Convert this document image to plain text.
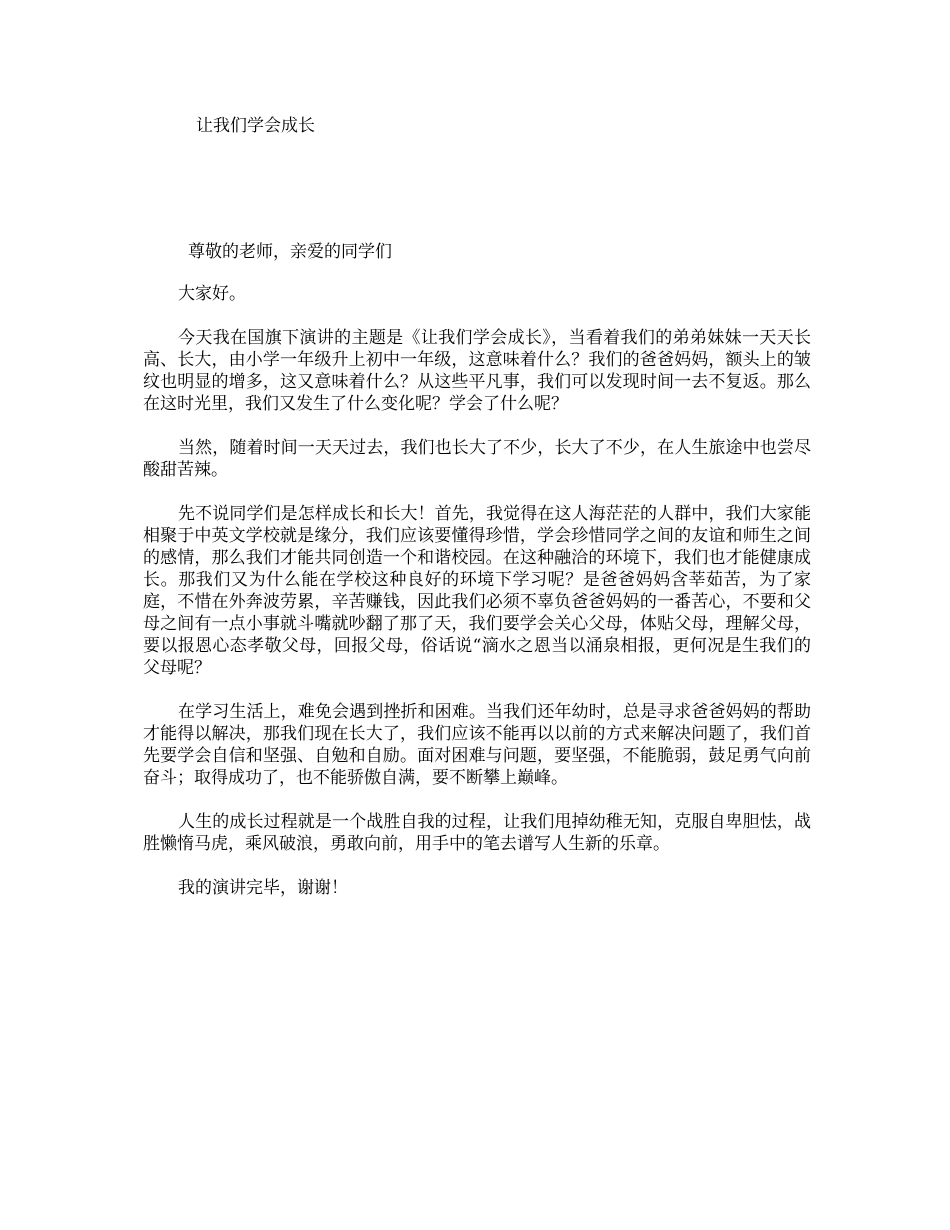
让我们学会成长
尊敬的老师，亲爱的同学们

大家好。

今天我在国旗下演讲的主题是《让我们学会成长》，当看着我们的弟弟妹妹一天天长高、长大，由小学一年级升上初中一年级，这意味着什么？我们的爸爸妈妈，额头上的皱纹也明显的增多，这又意味着什么？从这些平凡事，我们可以发现时间一去不复返。那么在这时光里，我们又发生了什么变化呢？学会了什么呢？

当然，随着时间一天天过去，我们也长大了不少，长大了不少，在人生旅途中也尝尽酸甜苦辣。

先不说同学们是怎样成长和长大！首先，我觉得在这人海茫茫的人群中，我们大家能相聚于中英文学校就是缘分，我们应该要懂得珍惜，学会珍惜同学之间的友谊和师生之间的感情，那么我们才能共同创造一个和谐校园。在这种融洽的环境下，我们也才能健康成长。那我们又为什么能在学校这种良好的环境下学习呢？是爸爸妈妈含莘茹苦，为了家庭，不惜在外奔波劳累，辛苦赚钱，因此我们必须不辜负爸爸妈妈的一番苦心，不要和父母之间有一点小事就斗嘴就吵翻了那了天，我们要学会关心父母，体贴父母，理解父母，要以报恩心态孝敬父母，回报父母，俗话说“滴水之恩当以涌泉相报，更何况是生我们的父母呢？

在学习生活上，难免会遇到挫折和困难。当我们还年幼时，总是寻求爸爸妈妈的帮助才能得以解决，那我们现在长大了，我们应该不能再以以前的方式来解决问题了，我们首先要学会自信和坚强、自勉和自励。面对困难与问题，要坚强，不能脆弱，鼓足勇气向前奋斗；取得成功了，也不能骄傲自满，要不断攀上巅峰。

人生的成长过程就是一个战胜自我的过程，让我们甩掉幼稚无知，克服自卑胆怯，战胜懒惰马虎，乘风破浪，勇敢向前，用手中的笔去谱写人生新的乐章。

我的演讲完毕，谢谢！
